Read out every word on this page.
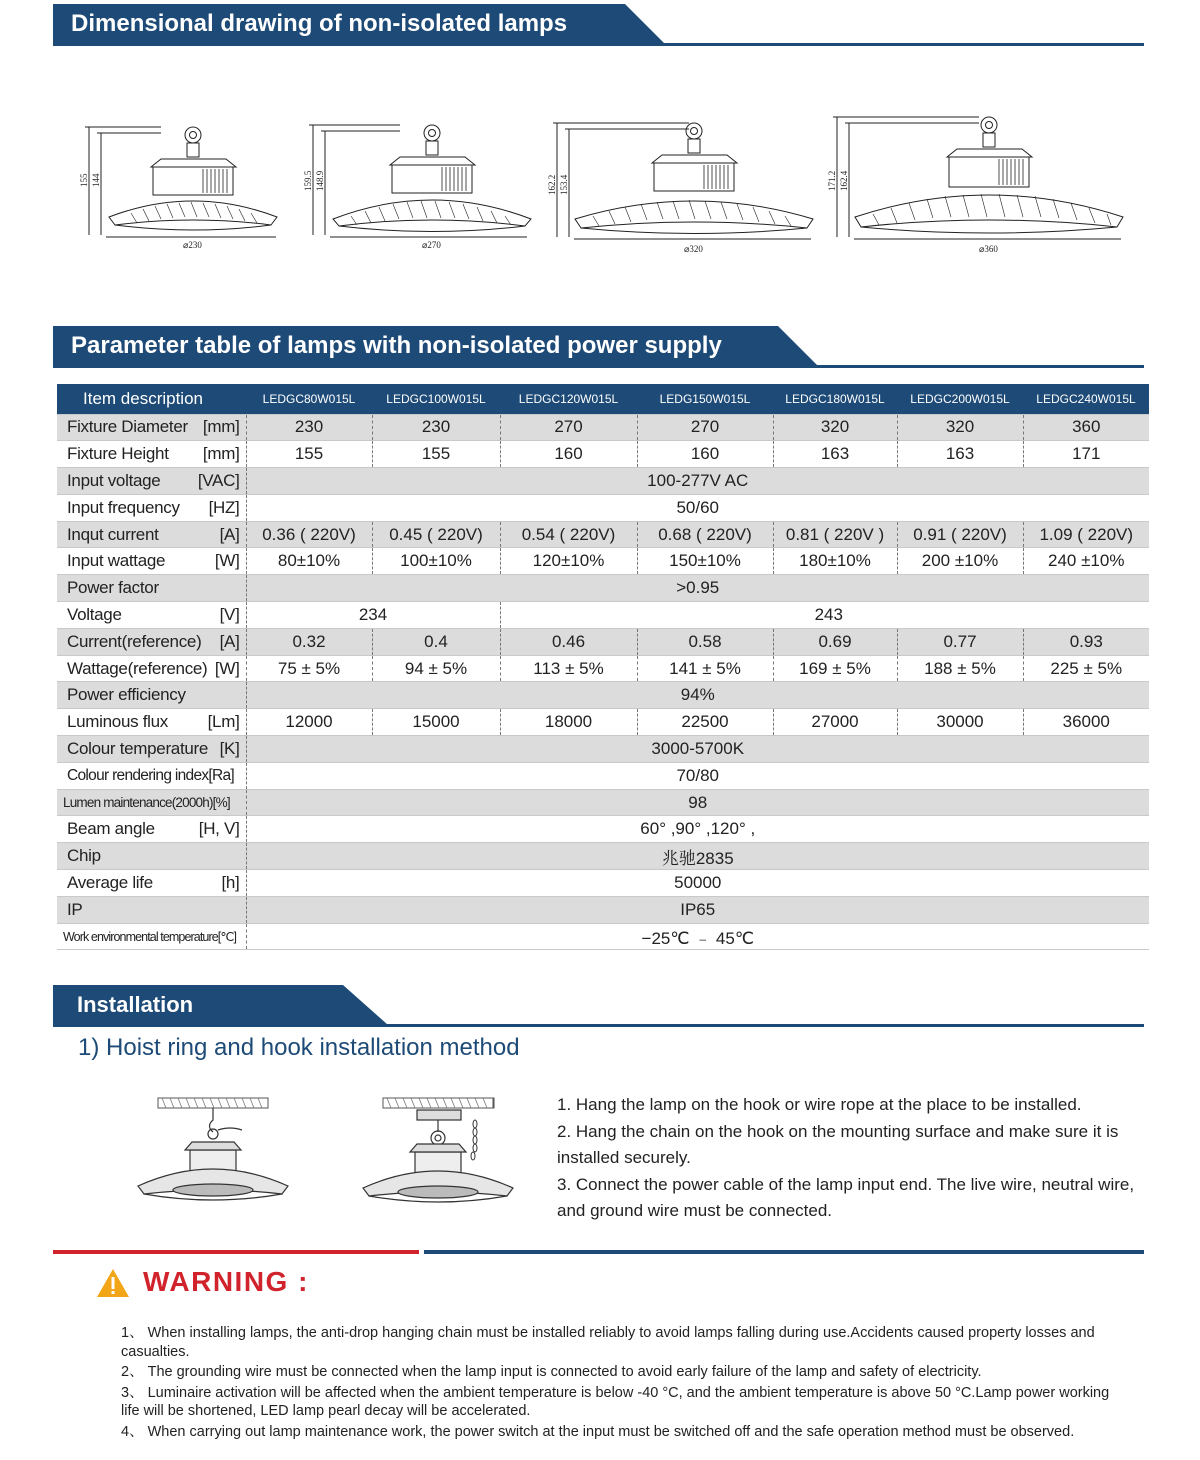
Dimensional drawing of non-isolated lamps
155 144
⌀230
159.5 148.9
⌀270
162.2 153.4
⌀320
171.2 162.4
⌀360
Parameter table of lamps with non-isolated power supply
Item description	LEDGC80W015L	LEDGC100W015L	LEDGC120W015L	LEDG150W015L	LEDGC180W015L	LEDGC200W015L	LEDGC240W015L
Fixture Diameter [mm]	230	230	270	270	320	320	360
Fixture Height [mm]	155	155	160	160	163	163	171
Input voltage [VAC]	100-277V AC						
Input frequency [HZ]	50/60						
Inqut current [A]	0.36 ( 220V)	0.45 ( 220V)	0.54 ( 220V)	0.68 ( 220V)	0.81 ( 220V )	0.91 ( 220V)	1.09 ( 220V)
Input wattage [W]	80±10%	100±10%	120±10%	150±10%	180±10%	200 ±10%	240 ±10%
Power factor	>0.95						
Voltage [V]	234		243				
Current(reference) [A]	0.32	0.4	0.46	0.58	0.69	0.77	0.93
Wattage(reference) [W]	75 ± 5%	94 ± 5%	113 ± 5%	141 ± 5%	169 ± 5%	188 ± 5%	225 ± 5%
Power efficiency	94%						
Luminous flux [Lm]	12000	15000	18000	22500	27000	30000	36000
Colour temperature [K]	3000-5700K						
Colour rendering index[Ra]	70/80						
Lumen maintenance(2000h)[%]	98						
Beam angle [H, V]	60° ,90° ,120° ,						
Chip	兆驰2835						
Average life [h]	50000						
IP	IP65						
Work environmental temperature[℃]	−25℃ ﹣ 45℃						
Installation
1) Hoist ring and hook installation method
1. Hang the lamp on the hook or wire rope at the place to be installed.
2. Hang the chain on the hook on the mounting surface and make sure it is installed securely.
3. Connect the power cable of the lamp input end. The live wire, neutral wire, and ground wire must be connected.
WARNING :

1、 When installing lamps, the anti-drop hanging chain must be installed reliably to avoid lamps falling during use.Accidents caused property losses and casualties.

2、 The grounding wire must be connected when the lamp input is connected to avoid early failure of the lamp and safety of electricity.

3、 Luminaire activation will be affected when the ambient temperature is below -40 °C, and the ambient temperature is above 50 °C.Lamp power working life will be shortened, LED lamp pearl decay will be accelerated.

4、 When carrying out lamp maintenance work, the power switch at the input must be switched off and the safe operation method must be observed.
